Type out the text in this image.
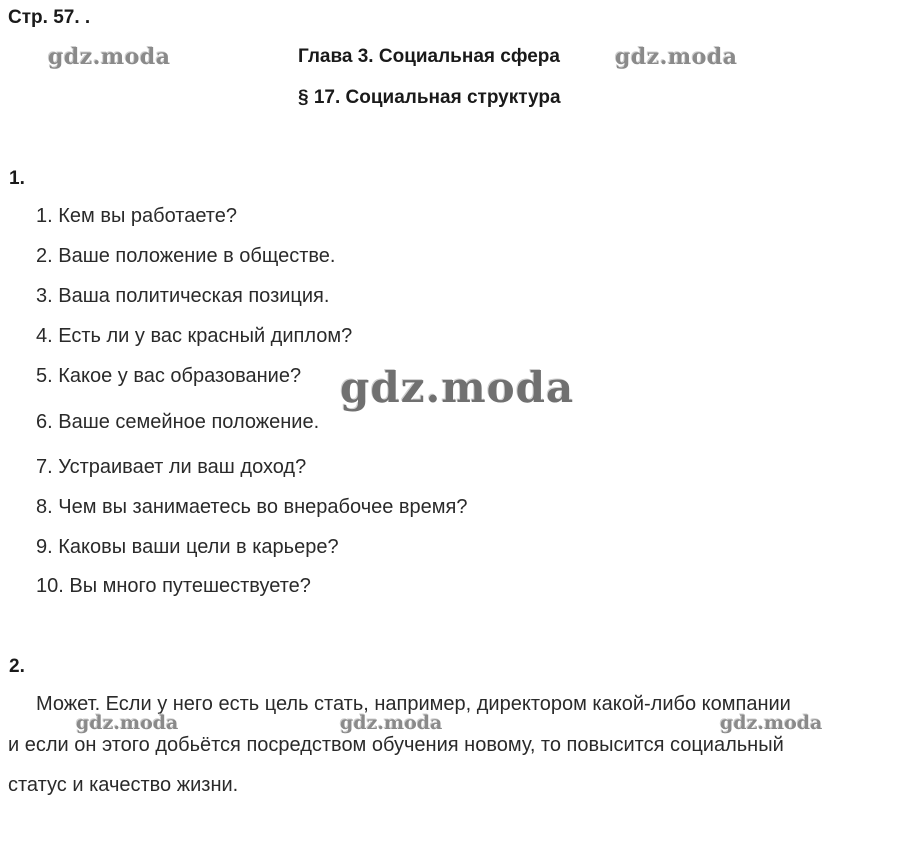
Стр. 57. .
gdz.moda	Глава 3. Социальная сфера	gdz.moda
§ 17. Социальная структура
1.
1. Кем вы работаете?
2. Ваше положение в обществе.
3. Ваша политическая позиция.
4. Есть ли у вас красный диплом?
5. Какое у вас образование?
6. Ваше семейное положение.
7. Устраивает ли ваш доход?
8. Чем вы занимаетесь во внерабочее время?
9. Каковы ваши цели в карьере?
10. Вы много путешествуете?
gdz.moda
2.
Может. Если у него есть цель стать, например, директором какой-либо компании
gdz.moda	gdz.moda	gdz.moda
и если он этого добьётся посредством обучения новому, то повысится социальный
статус и качество жизни.
